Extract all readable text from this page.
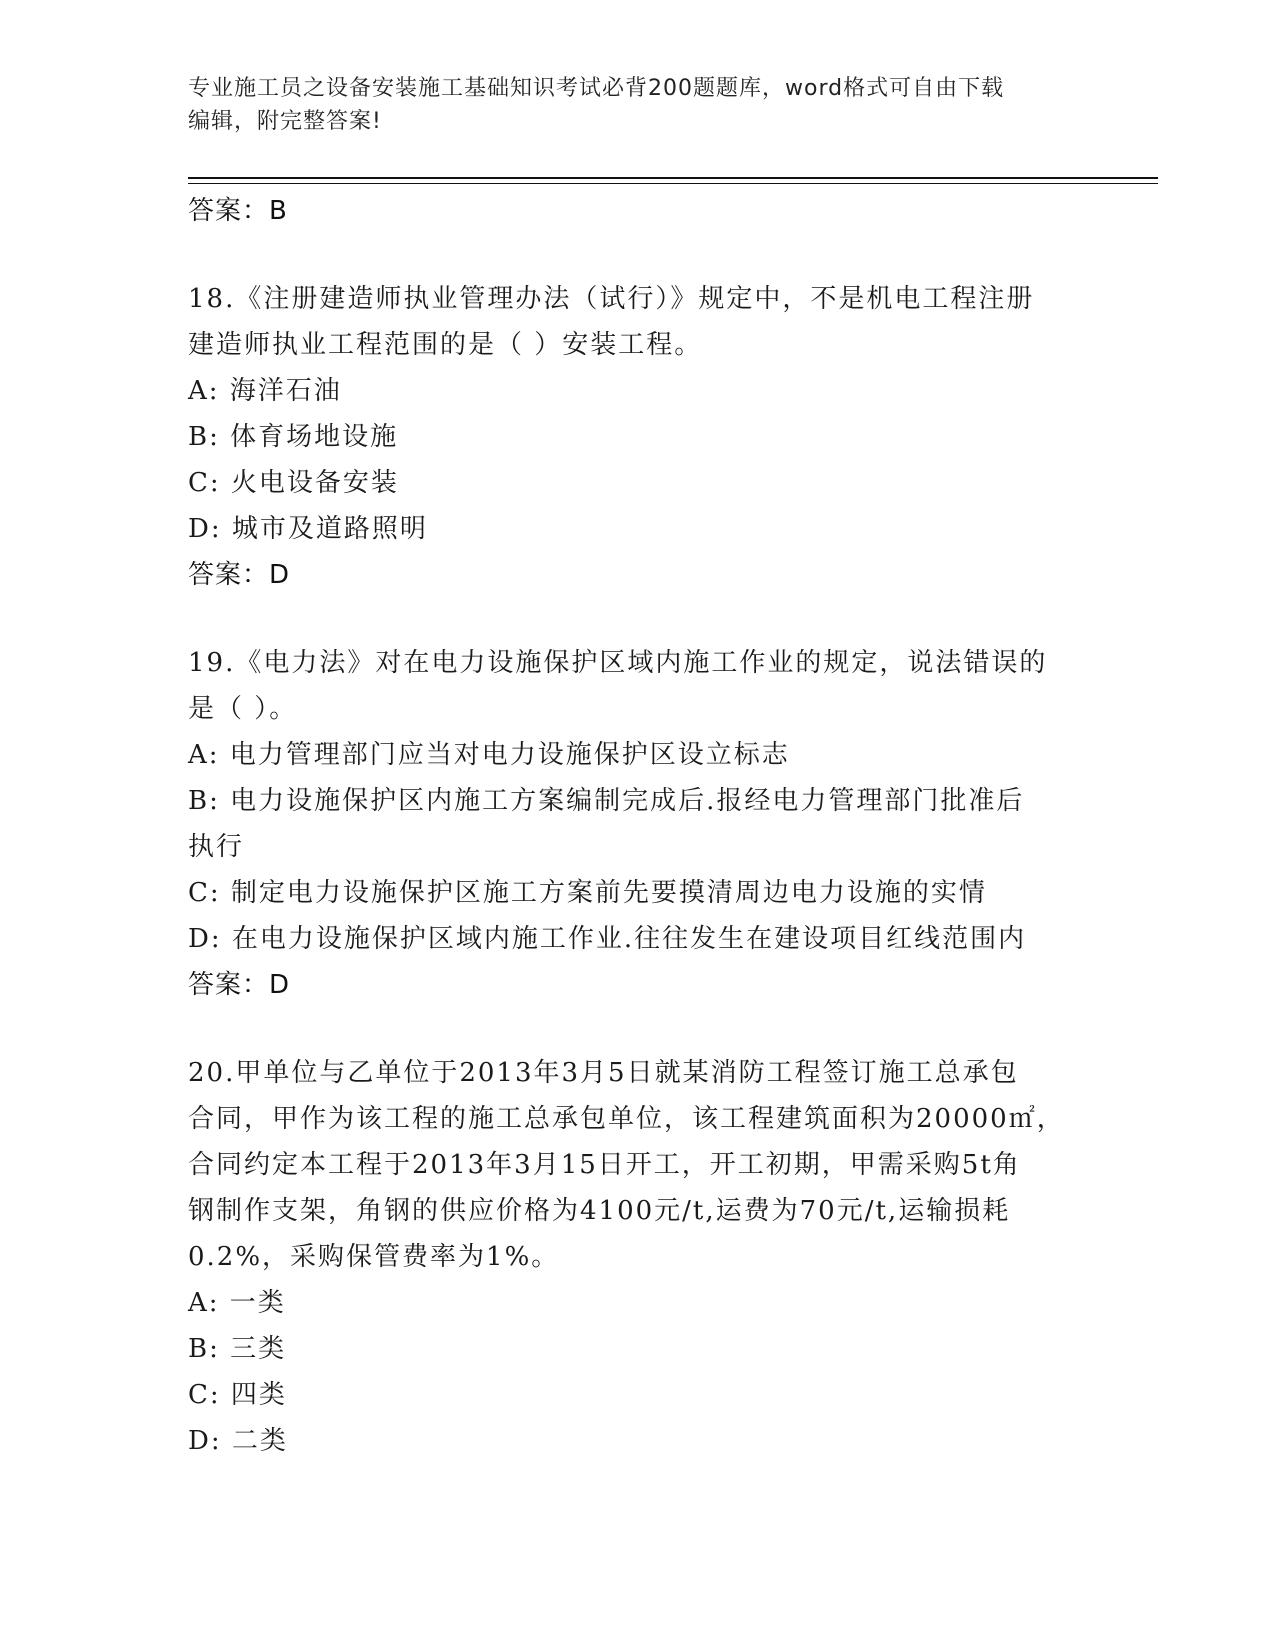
专业施工员之设备安装施工基础知识考试必背200题题库，word格式可自由下载
编辑，附完整答案!
答案：B
18.《注册建造师执业管理办法（试行）》规定中，不是机电工程注册
建造师执业工程范围的是（ ）安装工程。
A: 海洋石油
B: 体育场地设施
C: 火电设备安装
D: 城市及道路照明
答案：D
19.《电力法》对在电力设施保护区域内施工作业的规定，说法错误的
是（ ）。
A: 电力管理部门应当对电力设施保护区设立标志
B: 电力设施保护区内施工方案编制完成后.报经电力管理部门批准后
执行
C: 制定电力设施保护区施工方案前先要摸清周边电力设施的实情
D: 在电力设施保护区域内施工作业.往往发生在建设项目红线范围内
答案：D
20.甲单位与乙单位于2013年3月5日就某消防工程签订施工总承包
合同，甲作为该工程的施工总承包单位，该工程建筑面积为20000㎡，
合同约定本工程于2013年3月15日开工，开工初期，甲需采购5t角
钢制作支架，角钢的供应价格为4100元/t,运费为70元/t,运输损耗
0.2%，采购保管费率为1%。
A: 一类
B: 三类
C: 四类
D: 二类
